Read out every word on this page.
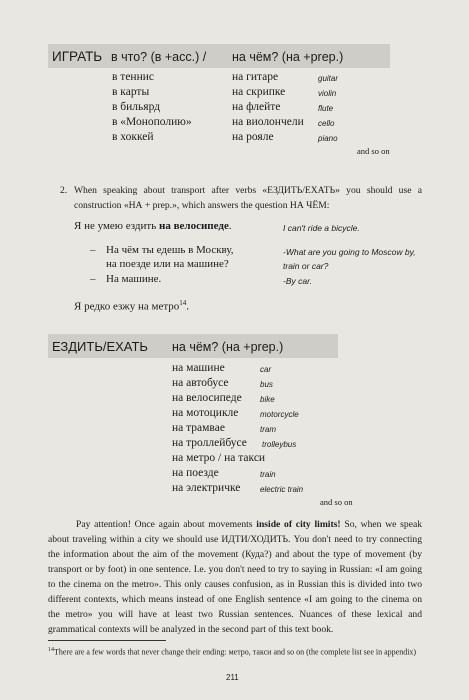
ИГРАТЬ в что? (в +acc.) / на чём? (на +prep.)
в теннис
в карты
в бильярд
в «Монополию»
в хоккей
на гитаре
на скрипке
на флейте
на виолончели
на рояле
guitar
violin
flute
cello
piano
and so on
2. When speaking about transport after verbs «ЕЗДИТЬ/ЕХАТЬ» you should use a
construction «НА + prep.», which answers the question НА ЧЁМ:
Я не умею ездить на велосипеде.	I can't ride a bicycle.
– На чём ты едешь в Москву,
на поезде или на машине?
-What are you going to Moscow by,
train or car?
– На машине.	-By car.
Я редко езжу на метро$^{14}$.
ЕЗДИТЬ/ЕХАТЬ на чём? (на +prep.)
на машине
на автобусе
на велосипеде
на мотоцикле
на трамвае
на троллейбусе
на метро / на такси
на поезде
на электричке
car
bus
bike
motorcycle
tram
trolleybus
train
electric train
and so on
Pay attention! Once again about movements inside of city limits! So, when we speak about traveling within a city we should use ИДТИ/ХОДИТЬ. You don't need to try connecting the information about the aim of the movement (Куда?) and about the type of movement (by transport or by foot) in one sentence. I.e. you don't need to try to saying in Russian: «I am going to the cinema on the metro». This only causes confusion, as in Russian this is divided into two different contexts, which means instead of one English sentence «I am going to the cinema on the metro» you will have at least two Russian sentences. Nuances of these lexical and grammatical contexts will be analyzed in the second part of this text book.
$^{14}$There are a few words that never change their ending: метро, такси and so on (the complete list see in appendix)
211
